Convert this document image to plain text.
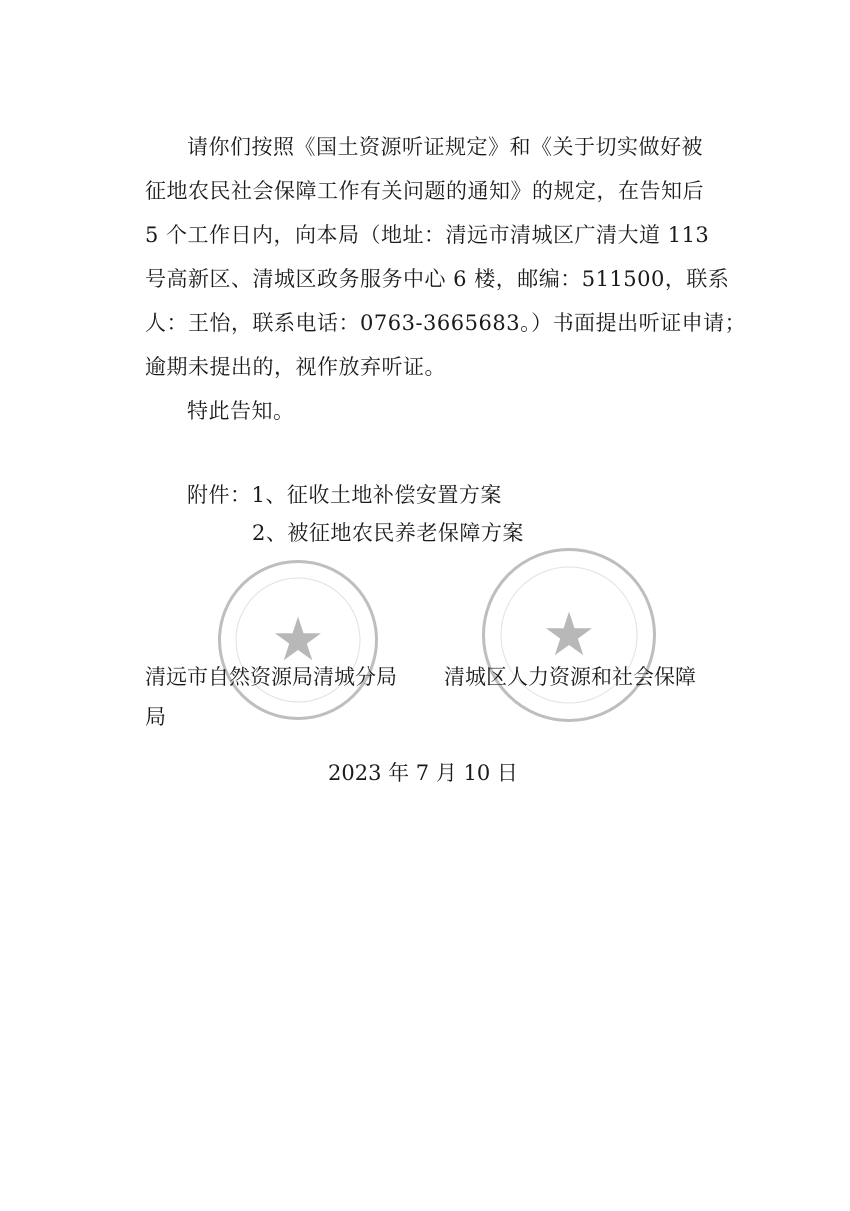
请你们按照《国土资源听证规定》和《关于切实做好被
征地农民社会保障工作有关问题的通知》的规定，在告知后
5 个工作日内，向本局（地址：清远市清城区广清大道 113
号高新区、清城区政务服务中心 6 楼，邮编：511500，联系
人：王怡，联系电话：0763-3665683。）书面提出听证申请；
逾期未提出的，视作放弃听证。
特此告知。
附件：1、征收土地补偿安置方案
2、被征地农民养老保障方案
★	★
清远市自然资源局清城分局 清城区人力资源和社会保障
局
2023 年 7 月 10 日
